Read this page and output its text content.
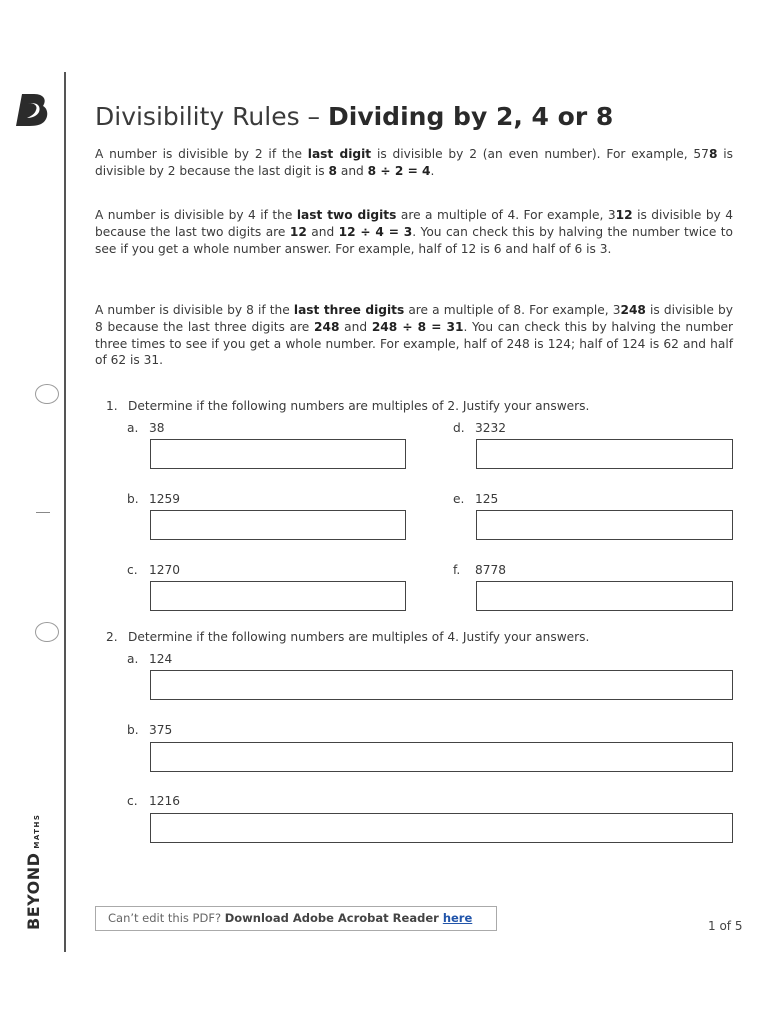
BEYOND
MATHS
Divisibility Rules – Dividing by 2, 4 or 8
A number is divisible by 2 if the last digit is divisible by 2 (an even number). For example, 578 is divisible by 2 because the last digit is 8 and 8 ÷ 2 = 4.
A number is divisible by 4 if the last two digits are a multiple of 4. For example, 312 is divisible by 4 because the last two digits are 12 and 12 ÷ 4 = 3. You can check this by halving the number twice to see if you get a whole number answer. For example, half of 12 is 6 and half of 6 is 3.
A number is divisible by 8 if the last three digits are a multiple of 8. For example, 3248 is divisible by 8 because the last three digits are 248 and 248 ÷ 8 = 31. You can check this by halving the number three times to see if you get a whole number. For example, half of 248 is 124; half of 124 is 62 and half of 62 is 31.
1. Determine if the following numbers are multiples of 2. Justify your answers.
a. 38
b. 1259
c. 1270
d. 3232
e. 125
f. 8778
2. Determine if the following numbers are multiples of 4. Justify your answers.
a. 124
b. 375
c. 1216
Can’t edit this PDF? Download Adobe Acrobat Reader here
1 of 5
